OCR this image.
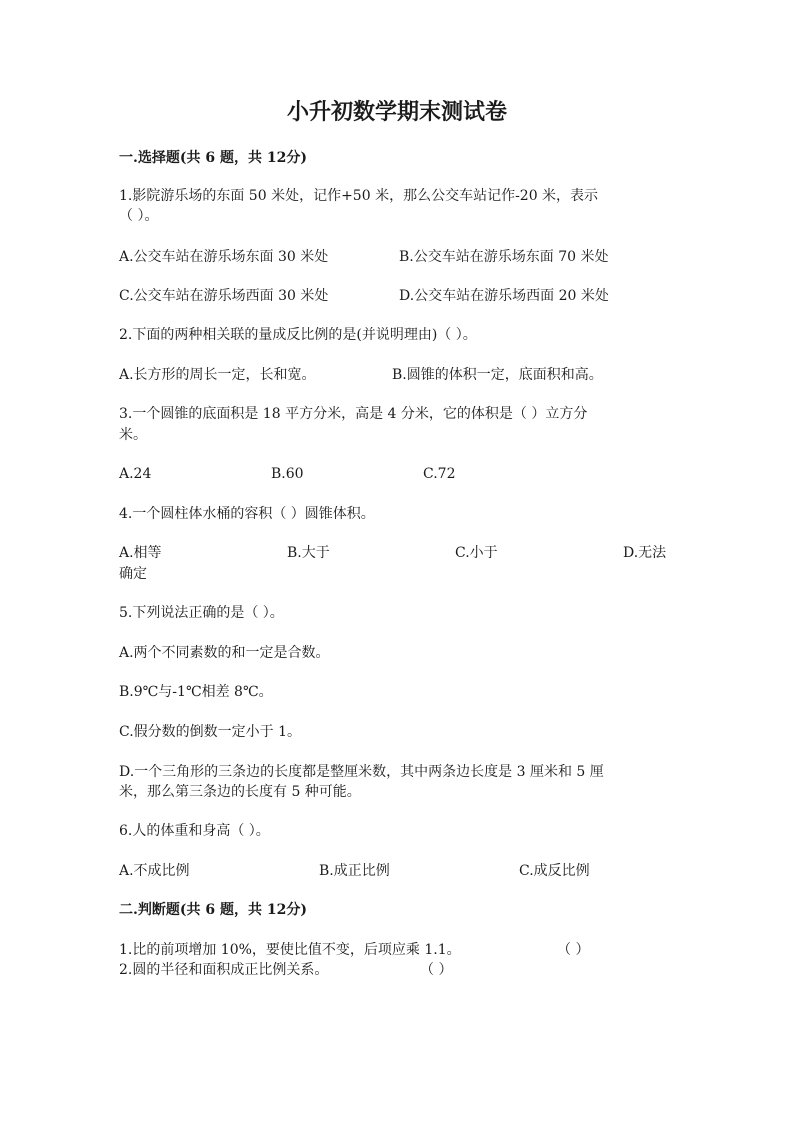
小升初数学期末测试卷
一.选择题(共 6 题，共 12分)
1.影院游乐场的东面 50 米处，记作+50 米，那么公交车站记作-20 米，表示
（ ）。
A.公交车站在游乐场东面 30 米处	B.公交车站在游乐场东面 70 米处
C.公交车站在游乐场西面 30 米处	D.公交车站在游乐场西面 20 米处
2.下面的两种相关联的量成反比例的是(并说明理由)（ ）。
A.长方形的周长一定，长和宽。	B.圆锥的体积一定，底面积和高。
3.一个圆锥的底面积是 18 平方分米，高是 4 分米，它的体积是（ ）立方分
米。
A.24	B.60	C.72
4.一个圆柱体水桶的容积（ ）圆锥体积。
A.相等	B.大于	C.小于	D.无法
确定
5.下列说法正确的是（ ）。
A.两个不同素数的和一定是合数。
B.9℃与-1℃相差 8℃。
C.假分数的倒数一定小于 1。
D.一个三角形的三条边的长度都是整厘米数，其中两条边长度是 3 厘米和 5 厘
米，那么第三条边的长度有 5 种可能。
6.人的体重和身高（ ）。
A.不成比例	B.成正比例	C.成反比例
二.判断题(共 6 题，共 12分)
1.比的前项增加 10%，要使比值不变，后项应乘 1.1。	（ ）
2.圆的半径和面积成正比例关系。	（ ）
